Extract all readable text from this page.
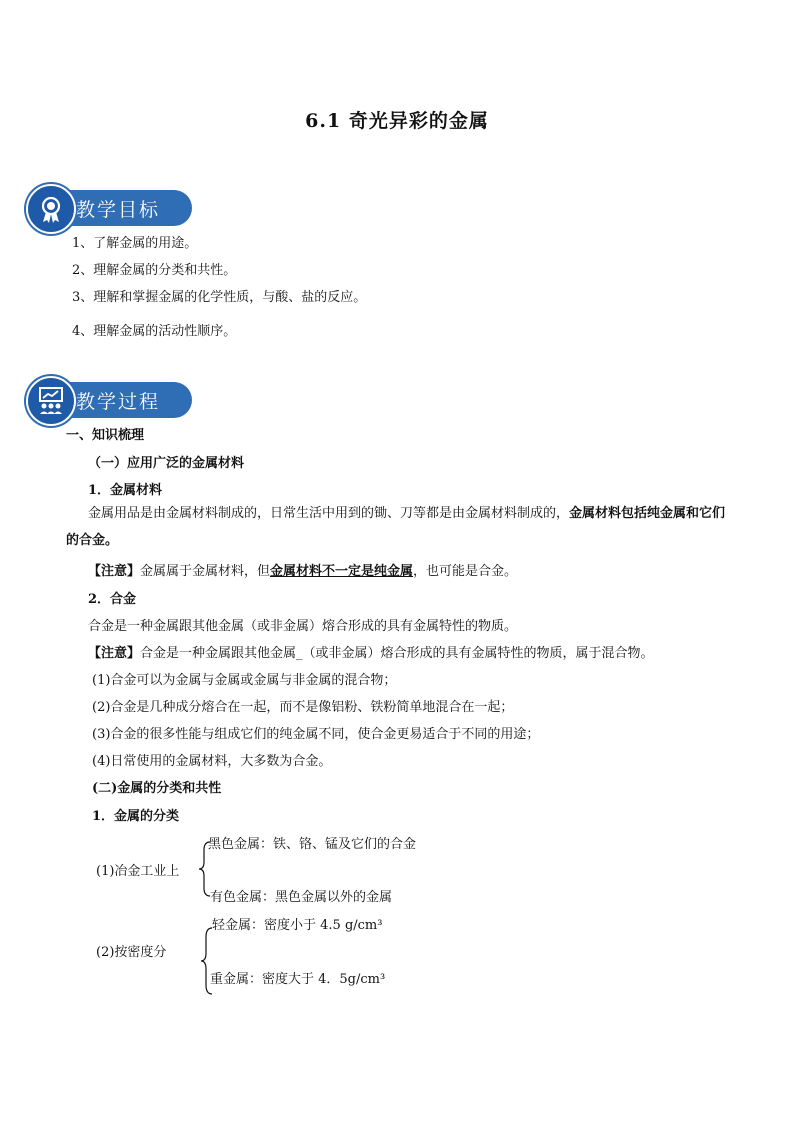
6.1 奇光异彩的金属
教学目标
1、了解金属的用途。
2、理解金属的分类和共性。
3、理解和掌握金属的化学性质，与酸、盐的反应。
4、理解金属的活动性顺序。
教学过程
一、知识梳理
（一）应用广泛的金属材料
1．金属材料
金属用品是由金属材料制成的，日常生活中用到的锄、刀等都是由金属材料制成的，金属材料包括纯金属和它们的合金。
【注意】金属属于金属材料，但金属材料不一定是纯金属，也可能是合金。
2．合金
合金是一种金属跟其他金属（或非金属）熔合形成的具有金属特性的物质。
【注意】合金是一种金属跟其他金属_（或非金属）熔合形成的具有金属特性的物质，属于混合物。
(1)合金可以为金属与金属或金属与非金属的混合物；
(2)合金是几种成分熔合在一起，而不是像铝粉、铁粉简单地混合在一起；
(3)合金的很多性能与组成它们的纯金属不同，使合金更易适合于不同的用途；
(4)日常使用的金属材料，大多数为合金。
(二)金属的分类和共性
1．金属的分类
黑色金属：铁、铬、锰及它们的合金
(1)冶金工业上
有色金属：黑色金属以外的金属
轻金属：密度小于 4.5 g/cm³
(2)按密度分
重金属：密度大于 4．5g/cm³
